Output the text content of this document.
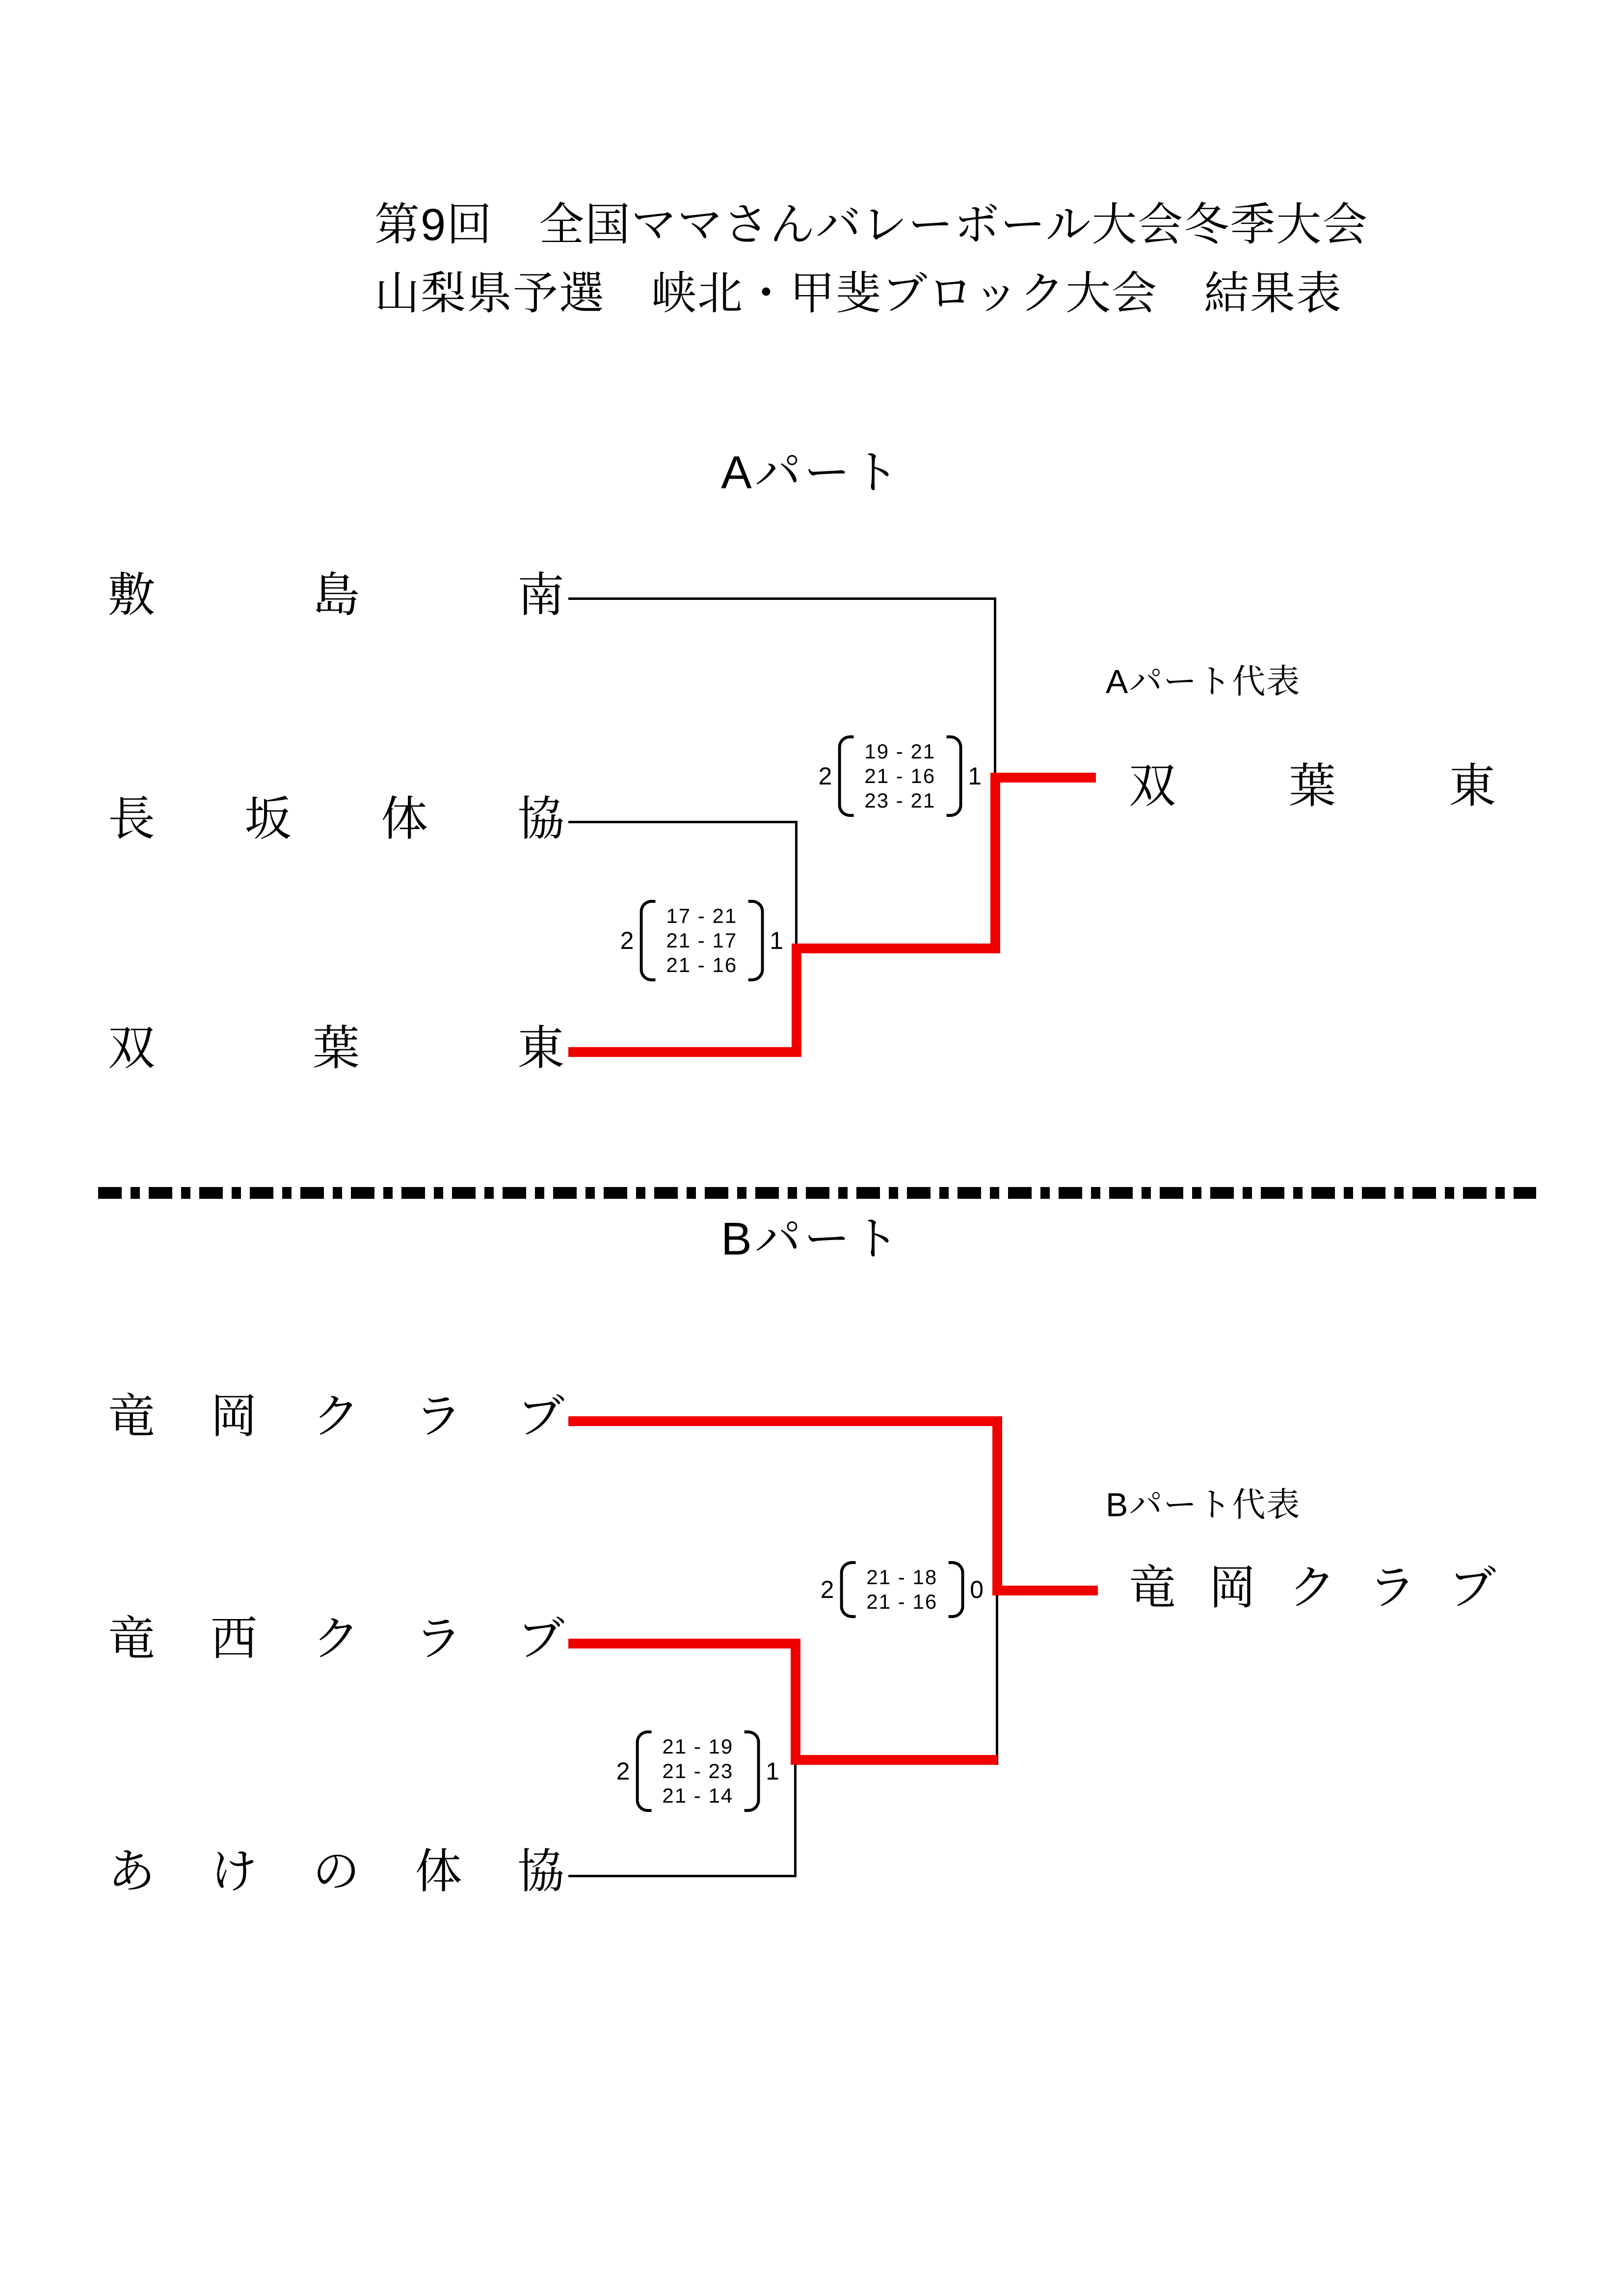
第9回　全国ママさんバレーボール大会冬季大会
山梨県予選　峡北・甲斐ブロック大会　結果表
Aパート
敷	島	南
長 坂 体 協
双	葉	東
2
19 - 21
21 - 16
23 - 21
1
2
17 - 21
21 - 17
21 - 16
1
Aパート代表
双 葉 東
Bパート
竜 岡 ク ラ ブ
竜 西 ク ラ ブ
あ け の 体 協
2 21 - 18
21 - 16 0
2
21 - 19
21 - 23
21 - 14
1
Bパート代表
竜 岡 ク ラ ブ
